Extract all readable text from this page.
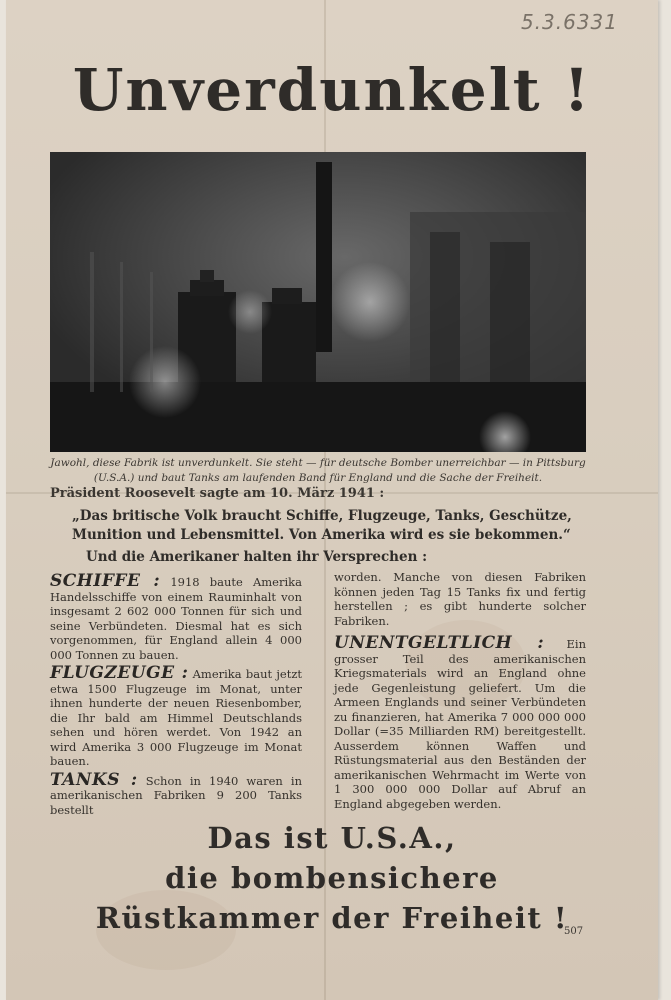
5.3.6331
Unverdunkelt !
Jawohl, diese Fabrik ist unverdunkelt. Sie steht — für deutsche Bomber unerreichbar — in Pittsburg
(U.S.A.) und baut Tanks am laufenden Band für England und die Sache der Freiheit.
Präsident Roosevelt sagte am 10. März 1941 :
„Das britische Volk braucht Schiffe, Flugzeuge, Tanks, Geschütze,
Munition und Lebensmittel. Von Amerika wird es sie bekommen.“
Und die Amerikaner halten ihr Versprechen :

SCHIFFE : 1918 baute Amerika Handelsschiffe von einem Rauminhalt von insgesamt 2 602 000 Tonnen für sich und seine Verbündeten. Diesmal hat es sich vorgenommen, für England allein 4 000 000 Tonnen zu bauen.

FLUGZEUGE : Amerika baut jetzt etwa 1500 Flugzeuge im Monat, unter ihnen hunderte der neuen Riesenbomber, die Ihr bald am Himmel Deutschlands sehen und hören werdet. Von 1942 an wird Amerika 3 000 Flugzeuge im Monat bauen.

TANKS : Schon in 1940 waren in amerikanischen Fabriken 9 200 Tanks bestellt

worden. Manche von diesen Fabriken können jeden Tag 15 Tanks fix und fertig herstellen ; es gibt hunderte solcher Fabriken.

UNENTGELTLICH : Ein grosser Teil des amerikanischen Kriegsmaterials wird an England ohne jede Gegenleistung geliefert. Um die Armeen Englands und seiner Verbündeten zu finanzieren, hat Amerika 7 000 000 000 Dollar (=35 Milliarden RM) bereitgestellt. Ausserdem können Waffen und Rüstungsmaterial aus den Beständen der amerikanischen Wehrmacht im Werte von 1 300 000 000 Dollar auf Abruf an England abgegeben werden.

Das ist U.S.A.,
die bombensichere
Rüstkammer der Freiheit !
507
